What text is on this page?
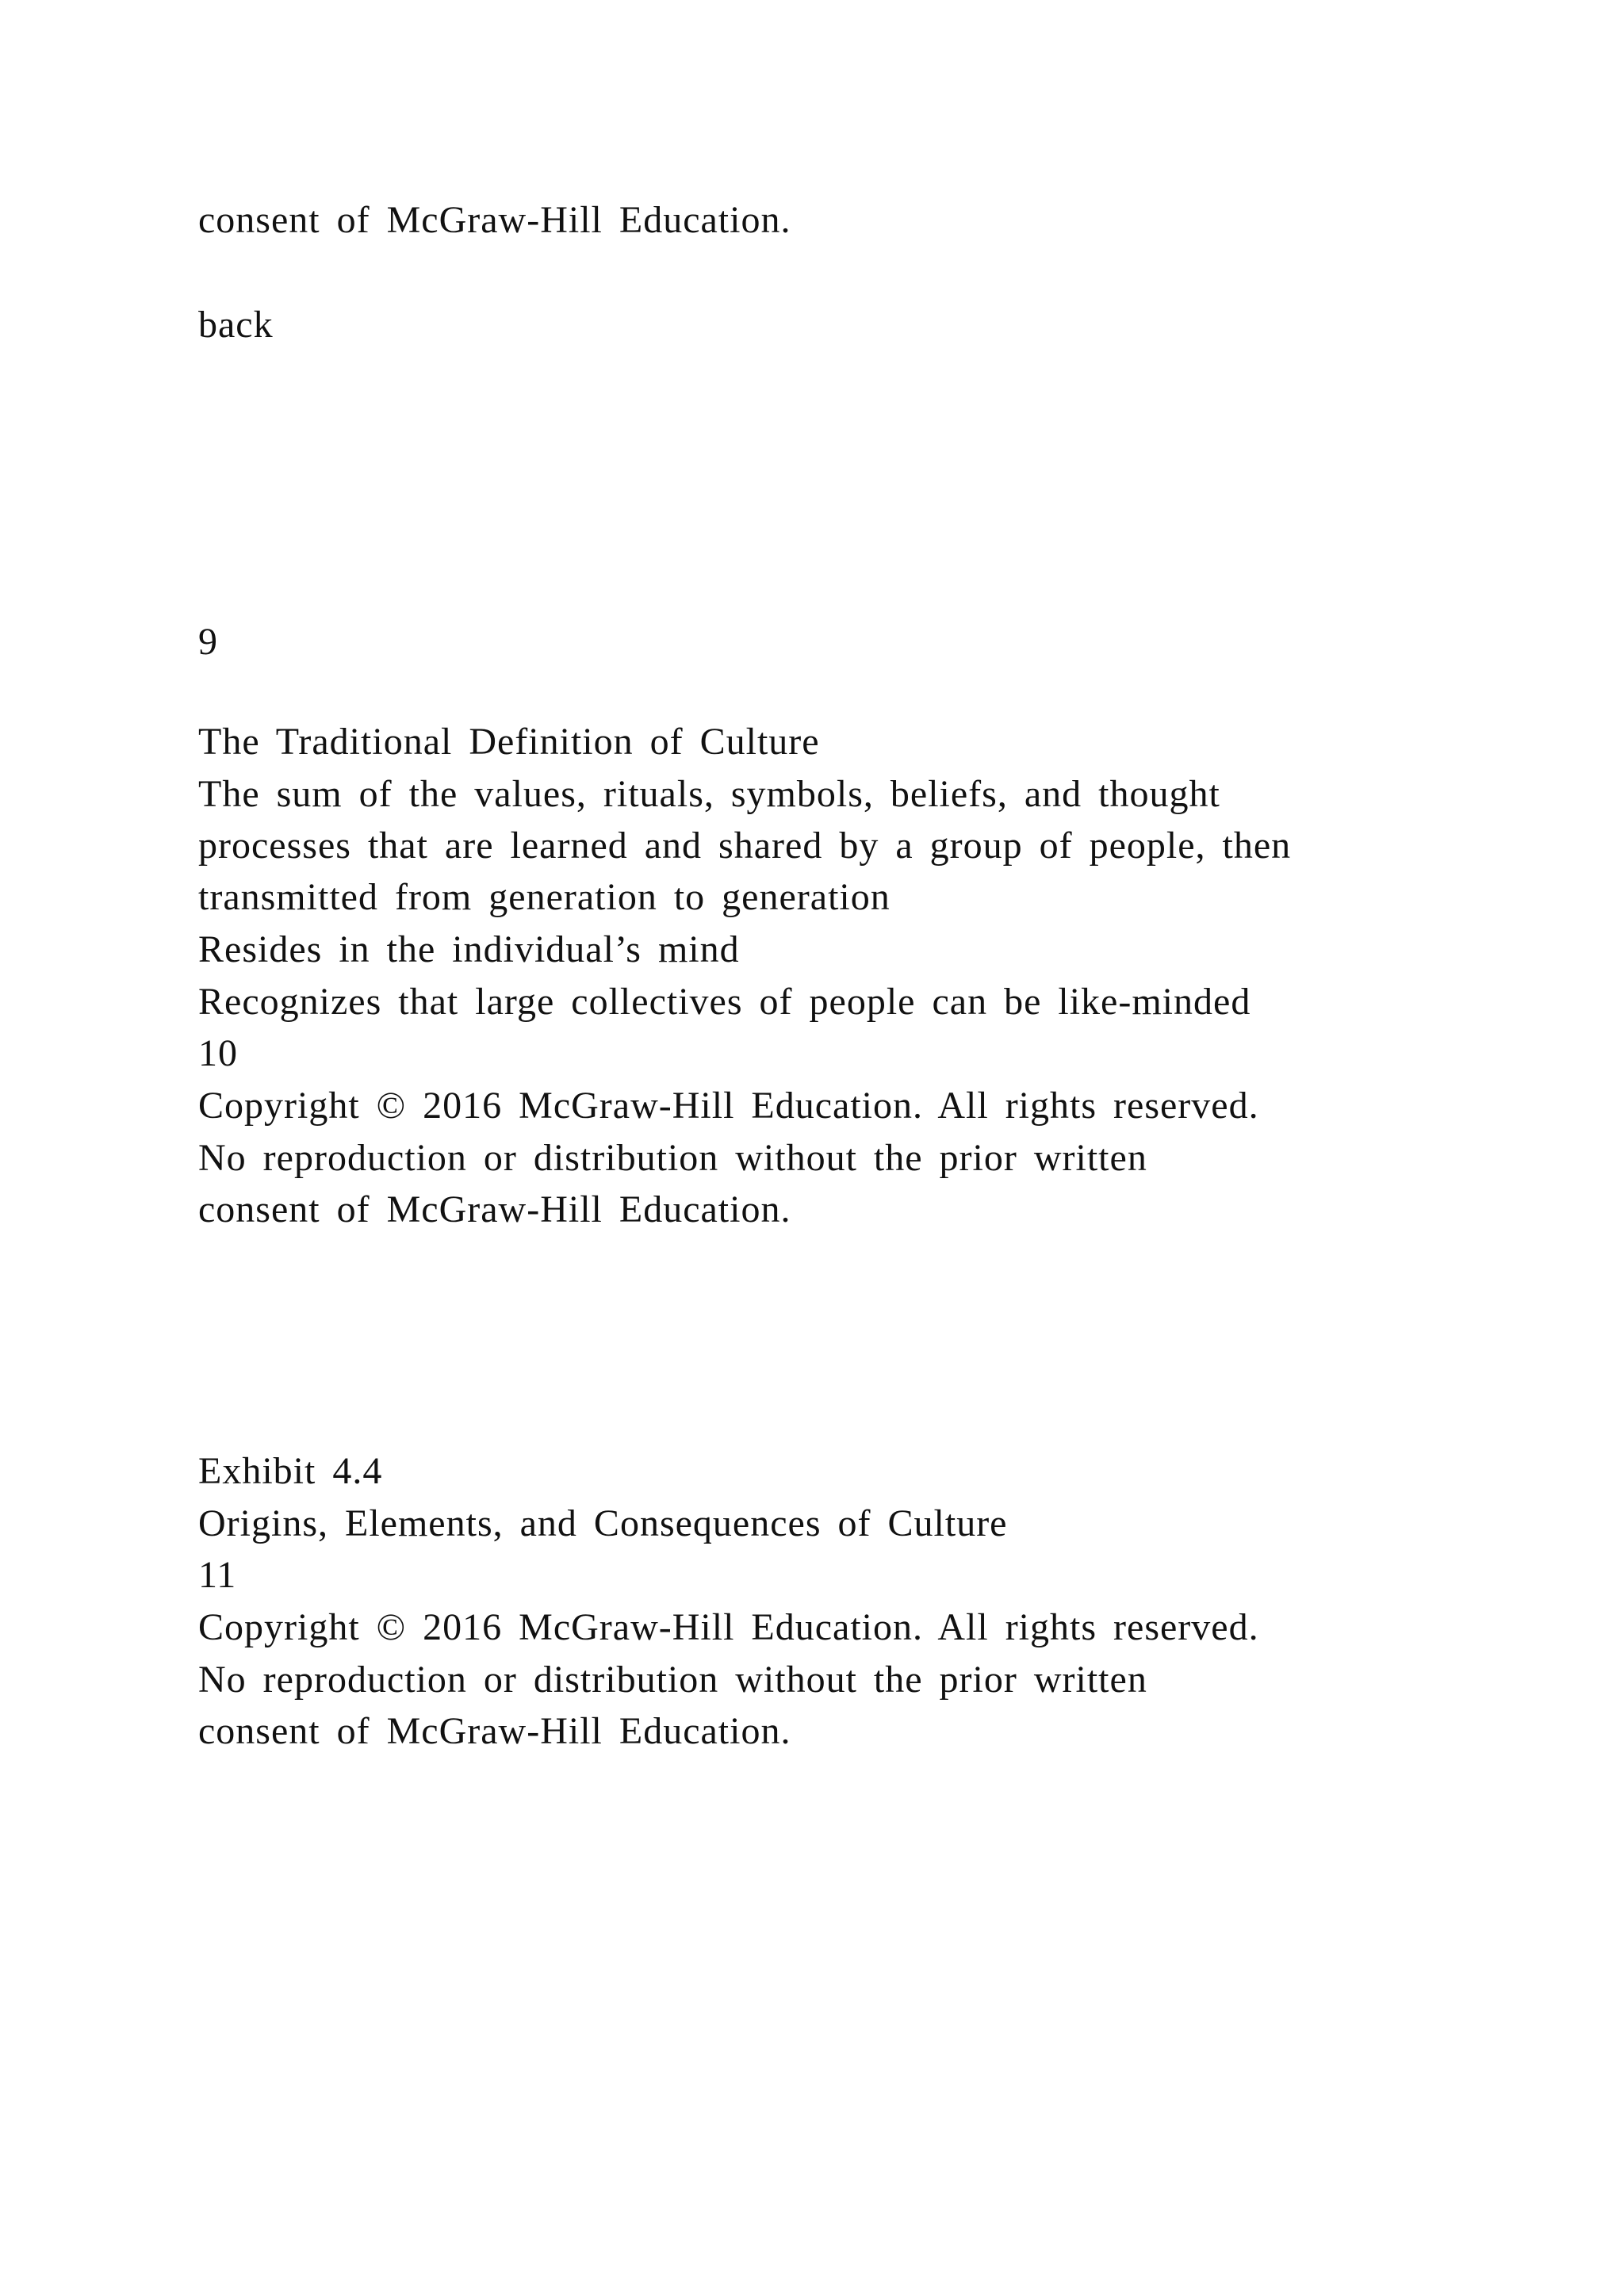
consent of McGraw-Hill Education.
back
9
The Traditional Definition of Culture
The sum of the values, rituals, symbols, beliefs, and thought
processes that are learned and shared by a group of people, then
transmitted from generation to generation
Resides in the individual’s mind
Recognizes that large collectives of people can be like-minded
10
Copyright © 2016 McGraw-Hill Education. All rights reserved.
No reproduction or distribution without the prior written
consent of McGraw-Hill Education.
Exhibit 4.4
Origins, Elements, and Consequences of Culture
11
Copyright © 2016 McGraw-Hill Education. All rights reserved.
No reproduction or distribution without the prior written
consent of McGraw-Hill Education.
